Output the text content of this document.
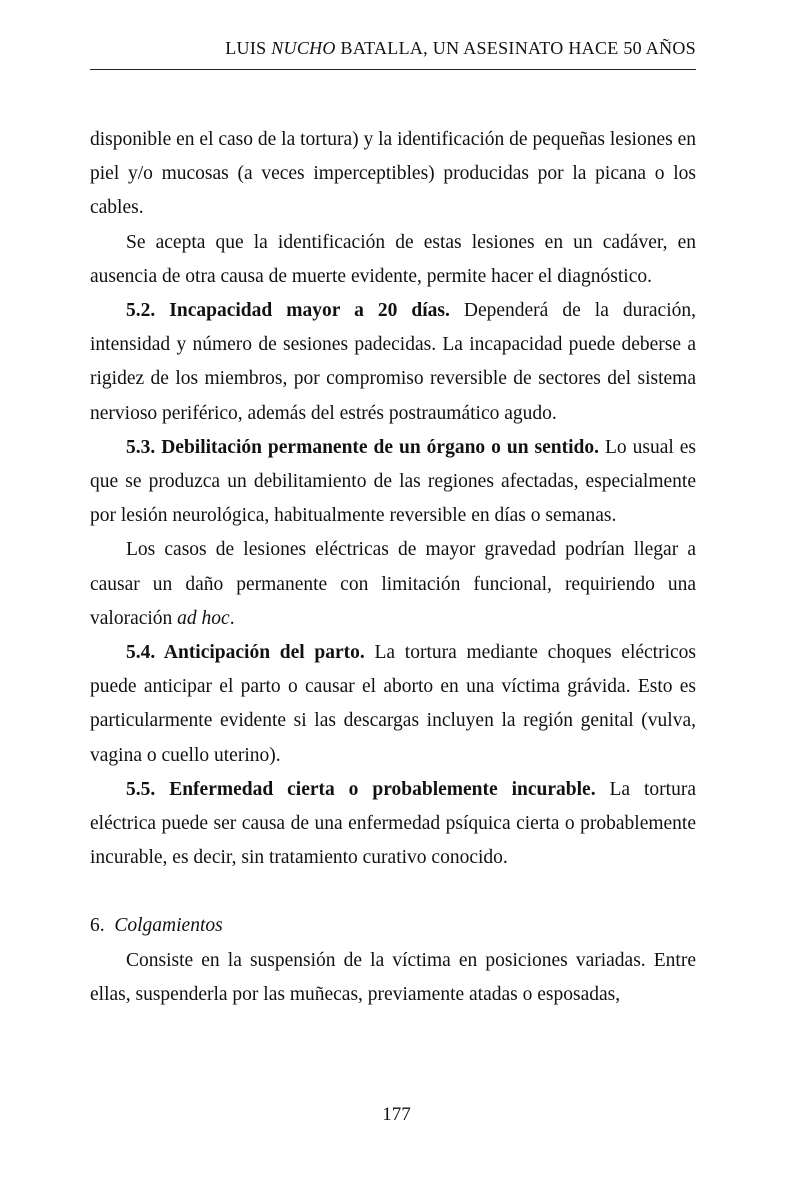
LUIS NUCHO BATALLA, UN ASESINATO HACE 50 AÑOS

disponible en el caso de la tortura) y la identificación de pequeñas lesiones en piel y/o mucosas (a veces imperceptibles) producidas por la picana o los cables.

Se acepta que la identificación de estas lesiones en un cadáver, en ausencia de otra causa de muerte evidente, permite hacer el diagnóstico.

5.2. Incapacidad mayor a 20 días. Dependerá de la duración, intensidad y número de sesiones padecidas. La incapacidad puede deberse a rigidez de los miembros, por compromiso reversible de sectores del sistema nervioso periférico, además del estrés postraumático agudo.

5.3. Debilitación permanente de un órgano o un sentido. Lo usual es que se produzca un debilitamiento de las regiones afectadas, especialmente por lesión neurológica, habitualmente reversible en días o semanas.

Los casos de lesiones eléctricas de mayor gravedad podrían llegar a causar un daño permanente con limitación funcional, requiriendo una valoración ad hoc.

5.4. Anticipación del parto. La tortura mediante choques eléctricos puede anticipar el parto o causar el aborto en una víctima grávida. Esto es particularmente evidente si las descargas incluyen la región genital (vulva, vagina o cuello uterino).

5.5. Enfermedad cierta o probablemente incurable. La tortura eléctrica puede ser causa de una enfermedad psíquica cierta o probablemente incurable, es decir, sin tratamiento curativo conocido.

6. Colgamientos

Consiste en la suspensión de la víctima en posiciones variadas. Entre ellas, suspenderla por las muñecas, previamente atadas o esposadas,

177
